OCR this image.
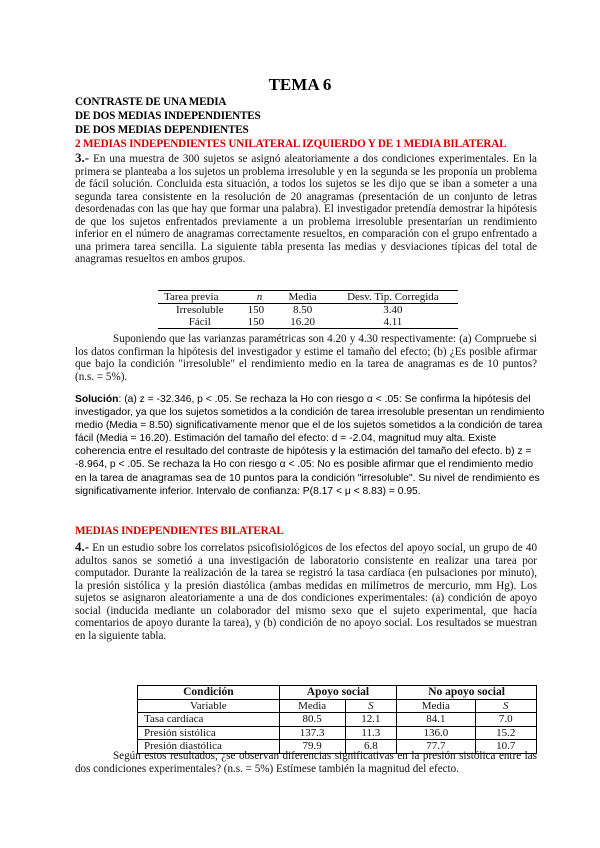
TEMA 6
CONTRASTE DE UNA MEDIA
DE DOS MEDIAS INDEPENDIENTES
DE DOS MEDIAS DEPENDIENTES
2 MEDIAS INDEPENDIENTES UNILATERAL IZQUIERDO Y DE 1 MEDIA BILATERAL
3.- En una muestra de 300 sujetos se asignó aleatoriamente a dos condiciones experimentales. En la primera se planteaba a los sujetos un problema irresoluble y en la segunda se les proponía un problema de fácil solución. Concluida esta situación, a todos los sujetos se les dijo que se iban a someter a una segunda tarea consistente en la resolución de 20 anagramas (presentación de un conjunto de letras desordenadas con las que hay que formar una palabra). El investigador pretendía demostrar la hipótesis de que los sujetos enfrentados previamente a un problema irresoluble presentarían un rendimiento inferior en el número de anagramas correctamente resueltos, en comparación con el grupo enfrentado a una primera tarea sencilla. La siguiente tabla presenta las medias y desviaciones típicas del total de anagramas resueltos en ambos grupos.
Tarea previa	n	Media	Desv. Tip. Corregida
Irresoluble	150	8.50	3.40
Fácil	150	16.20	4.11
Suponiendo que las varianzas paramétricas son 4.20 y 4.30 respectivamente: (a) Compruebe si los datos confirman la hipótesis del investigador y estime el tamaño del efecto; (b) ¿Es posible afirmar que bajo la condición "irresoluble" el rendimiento medio en la tarea de anagramas es de 10 puntos? (n.s. = 5%).
Solución: (a) z = -32.346, p < .05. Se rechaza la Ho con riesgo α < .05: Se confirma la hipótesis del investigador, ya que los sujetos sometidos a la condición de tarea irresoluble presentan un rendimiento medio (Media = 8.50) significativamente menor que el de los sujetos sometidos a la condición de tarea fácil (Media = 16.20). Estimación del tamaño del efecto: d = -2.04, magnitud muy alta. Existe coherencia entre el resultado del contraste de hipótesis y la estimación del tamaño del efecto. b) z = -8.964, p < .05. Se rechaza la Ho con riesgo α < .05: No es posible afirmar que el rendimiento medio en la tarea de anagramas sea de 10 puntos para la condición "irresoluble". Su nivel de rendimiento es significativamente inferior. Intervalo de confianza: P(8.17 < μ < 8.83) = 0.95.
MEDIAS INDEPENDIENTES BILATERAL
4.- En un estudio sobre los correlatos psicofisiológicos de los efectos del apoyo social, un grupo de 40 adultos sanos se sometió a una investigación de laboratorio consistente en realizar una tarea por computador. Durante la realización de la tarea se registró la tasa cardíaca (en pulsaciones por minuto), la presión sistólica y la presión diastólica (ambas medidas en milímetros de mercurio, mm Hg). Los sujetos se asignaron aleatoriamente a una de dos condiciones experimentales: (a) condición de apoyo social (inducida mediante un colaborador del mismo sexo que el sujeto experimental, que hacía comentarios de apoyo durante la tarea), y (b) condición de no apoyo social. Los resultados se muestran en la siguiente tabla.
Condición	Apoyo social		No apoyo social	
Variable	Media	S	Media	S
Tasa cardíaca	80.5	12.1	84.1	7.0
Presión sistólica	137.3	11.3	136.0	15.2
Presión diastólica	79.9	6.8	77.7	10.7
Según estos resultados, ¿se observan diferencias significativas en la presión sistólica entre las dos condiciones experimentales? (n.s. = 5%) Estímese también la magnitud del efecto.
